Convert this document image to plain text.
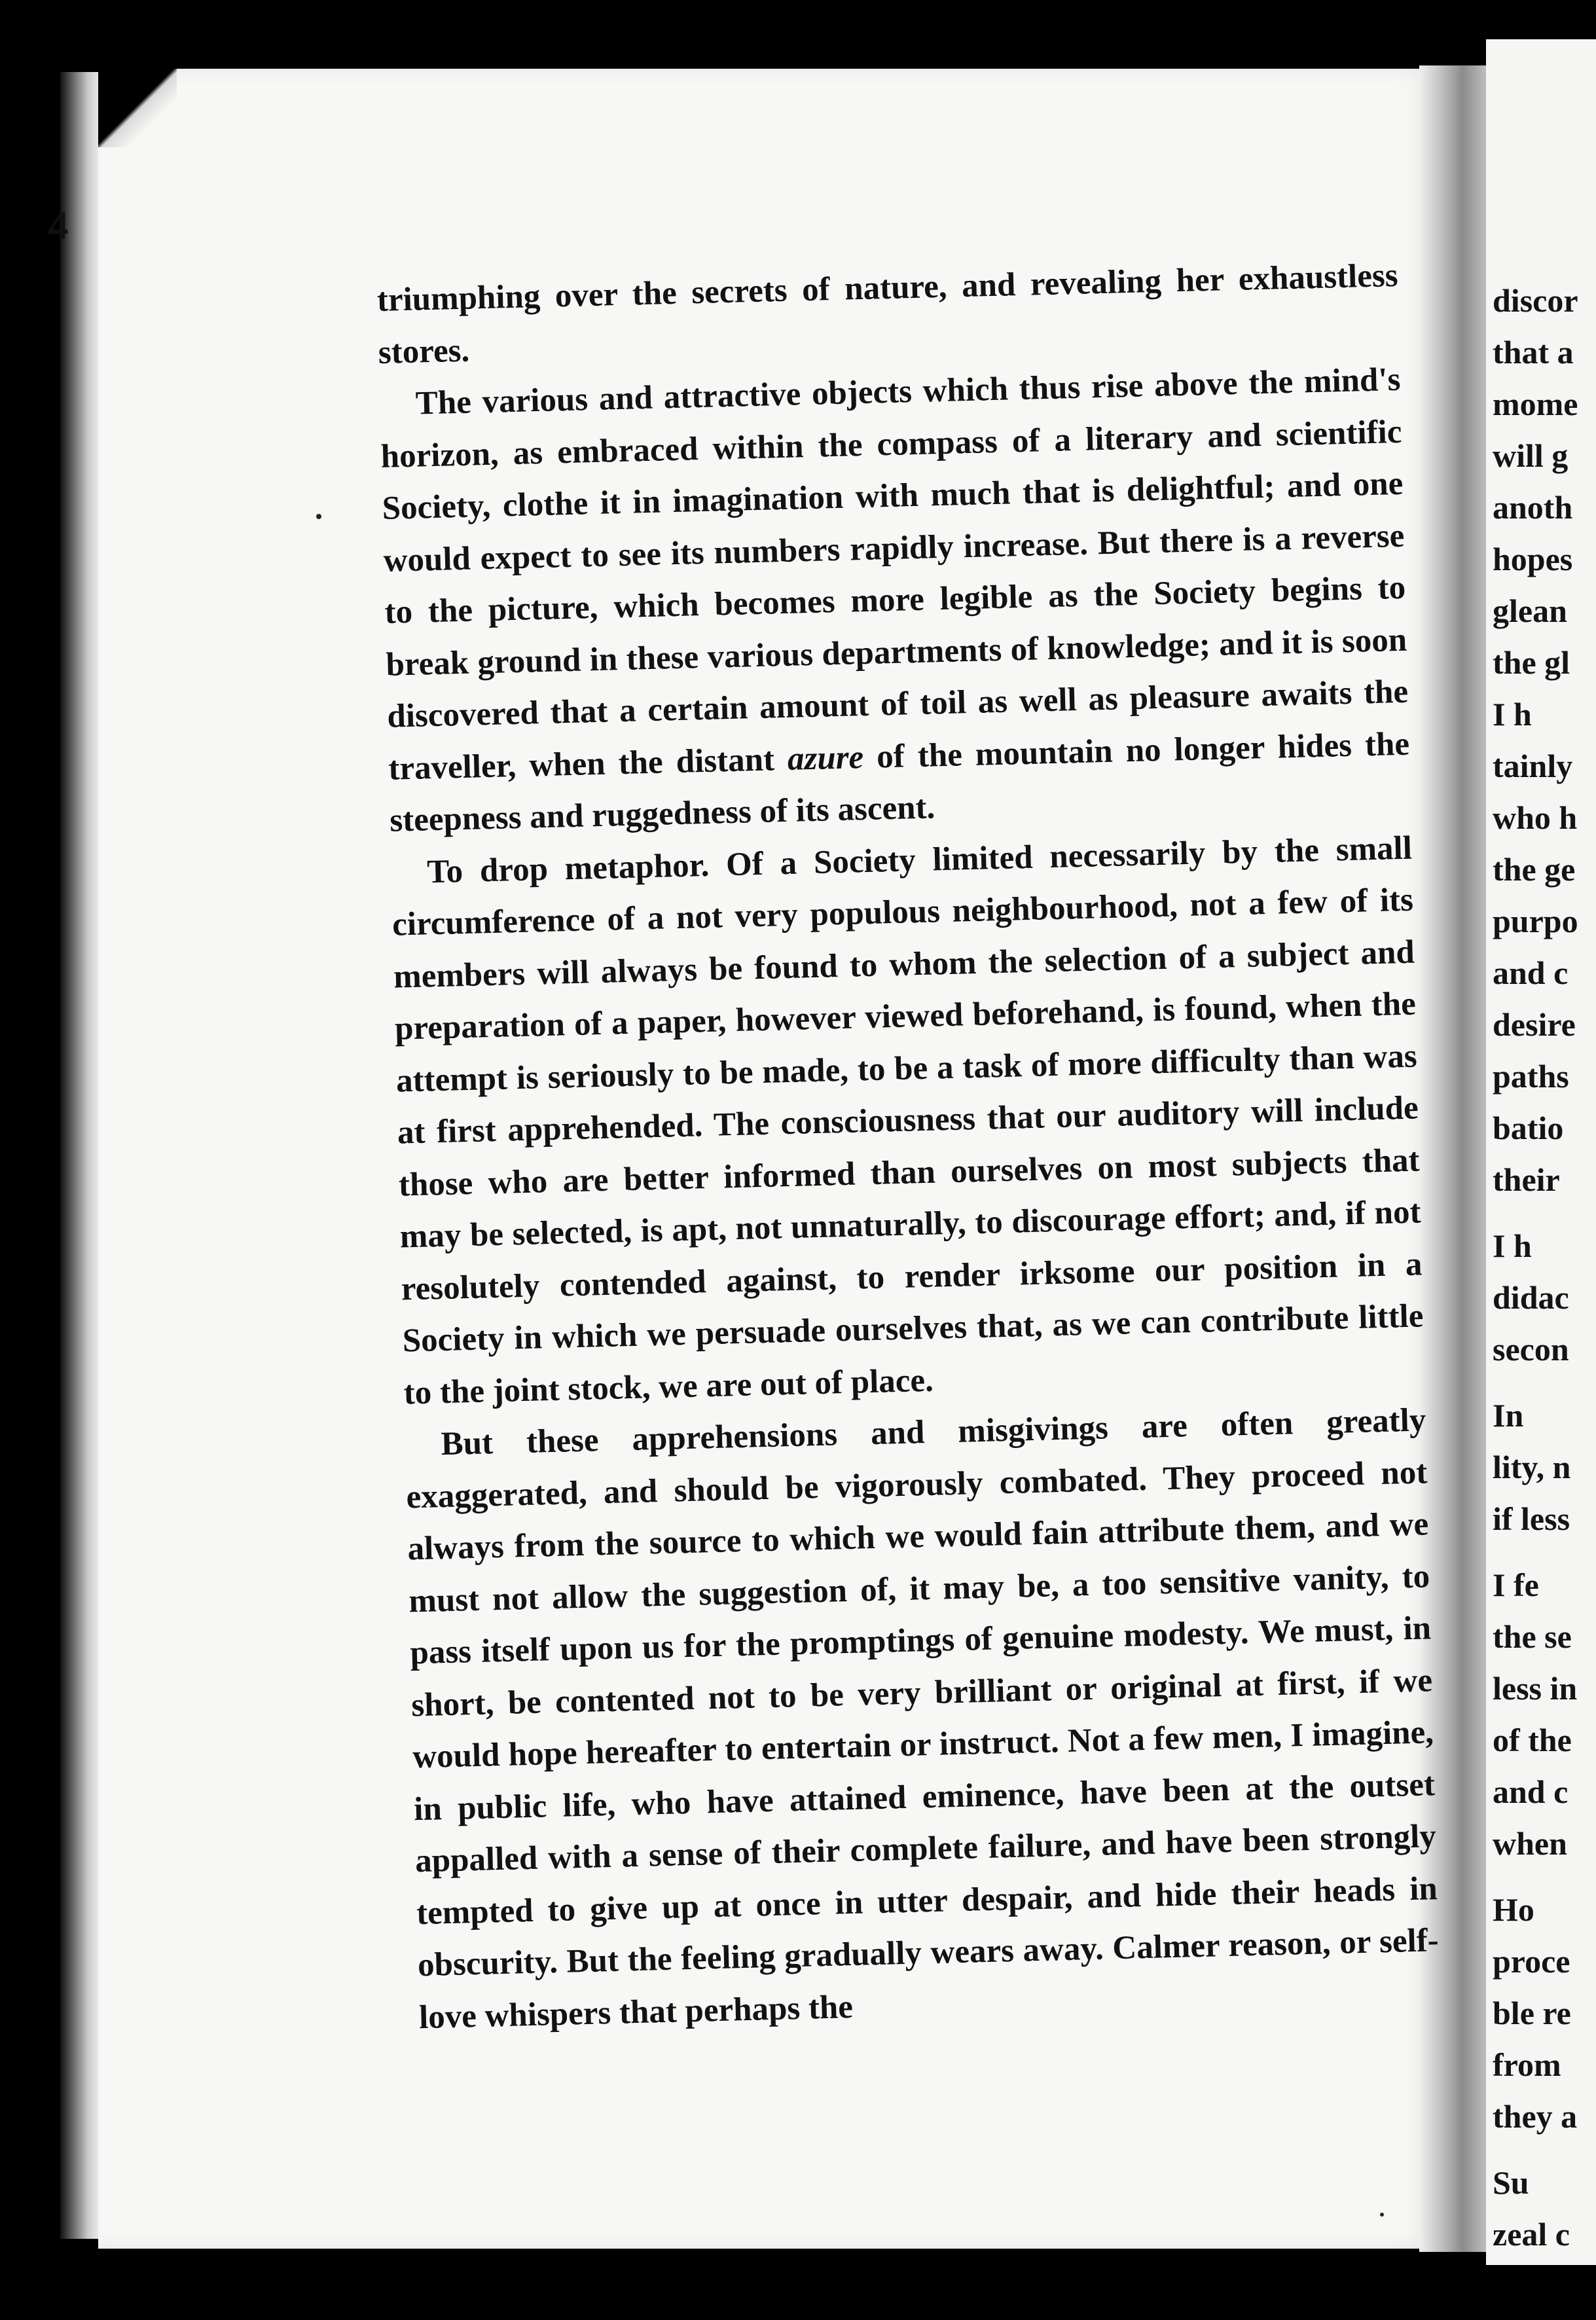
discor
that a
mome
will g
anoth
hopes
glean
the gl
I h
tainly
who h
the ge
purpo
and c
desire
paths
batio
their
I h
didac
secon
In
lity, n
if less
I fe
the se
less in
of the
and c
when
Ho
proce
ble re
from
they a
Su
zeal c
4

triumphing over the secrets of nature, and revealing her exhaustless stores.

The various and attractive objects which thus rise above the mind's horizon, as embraced within the compass of a literary and scientific Society, clothe it in imagination with much that is delightful; and one would expect to see its numbers rapidly increase. But there is a reverse to the picture, which becomes more legible as the Society begins to break ground in these various departments of knowledge; and it is soon discovered that a certain amount of toil as well as pleasure awaits the traveller, when the distant azure of the mountain no longer hides the steepness and ruggedness of its ascent.

To drop metaphor. Of a Society limited necessarily by the small circumference of a not very populous neighbourhood, not a few of its members will always be found to whom the selection of a subject and preparation of a paper, however viewed beforehand, is found, when the attempt is seriously to be made, to be a task of more difficulty than was at first apprehended. The consciousness that our auditory will include those who are better informed than ourselves on most subjects that may be selected, is apt, not unnaturally, to discourage effort; and, if not resolutely contended against, to render irksome our position in a Society in which we persuade ourselves that, as we can contribute little to the joint stock, we are out of place.

But these apprehensions and misgivings are often greatly exaggerated, and should be vigorously combated. They proceed not always from the source to which we would fain attribute them, and we must not allow the suggestion of, it may be, a too sensitive vanity, to pass itself upon us for the promptings of genuine modesty. We must, in short, be contented not to be very brilliant or original at first, if we would hope hereafter to entertain or instruct. Not a few men, I imagine, in public life, who have attained eminence, have been at the outset appalled with a sense of their complete failure, and have been strongly tempted to give up at once in utter despair, and hide their heads in obscurity. But the feeling gradually wears away. Calmer reason, or self-love whispers that perhaps the
